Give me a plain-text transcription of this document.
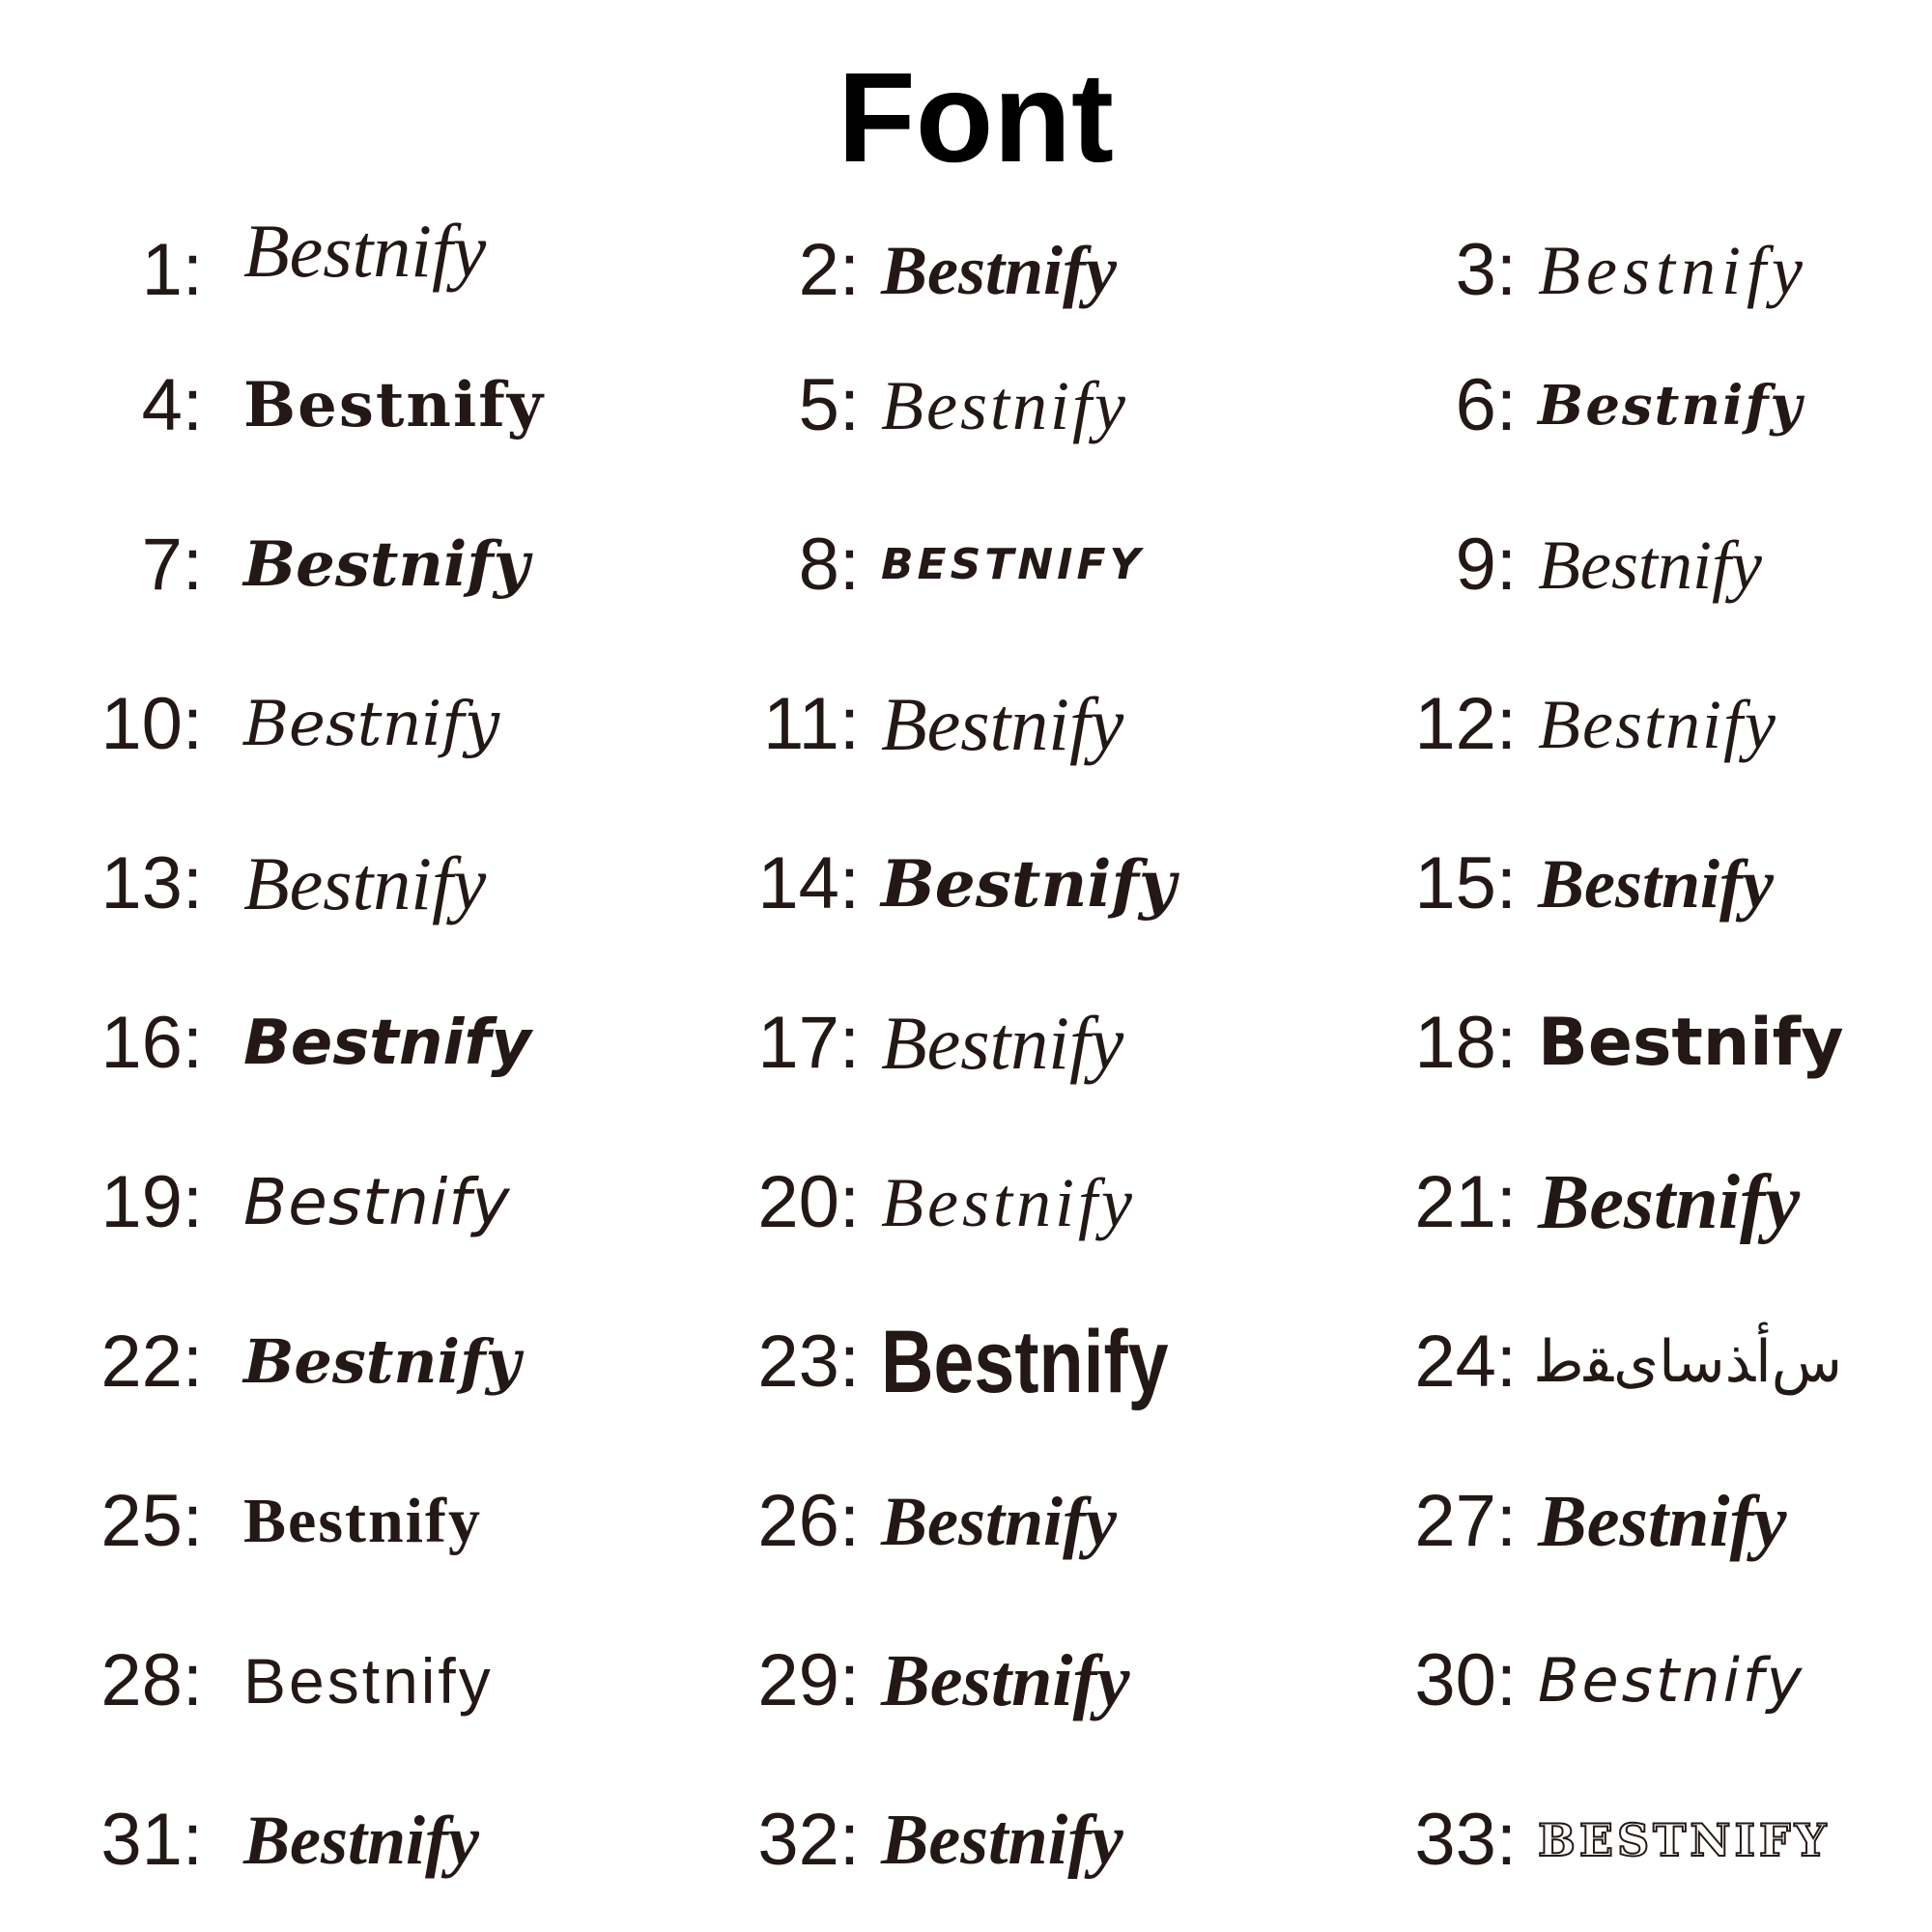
Font
1: Bestnify	2: Bestnify	3: Bestnify
4: Bestnify	5: Bestnify	6: Bestnify
7: Bestnify	8: BESTNIFY	9: Bestnify
10: Bestnify	11: Bestnify	12: Bestnify
13: Bestnify	14: Bestnify	15: Bestnify
16: Bestnify	17: Bestnify	18: Bestnify
19: Bestnify	20: Bestnify	21: Bestnify
22: Bestnify	23: Bestnify	24: ﺱﺃﺬﺳﺎﻯﻘﻃ
25: Bestnify	26: Bestnify	27: Bestnify
28: Bestnify	29: Bestnify	30: Bestnify
31: Bestnify	32: Bestnify	33: BESTNIFY
